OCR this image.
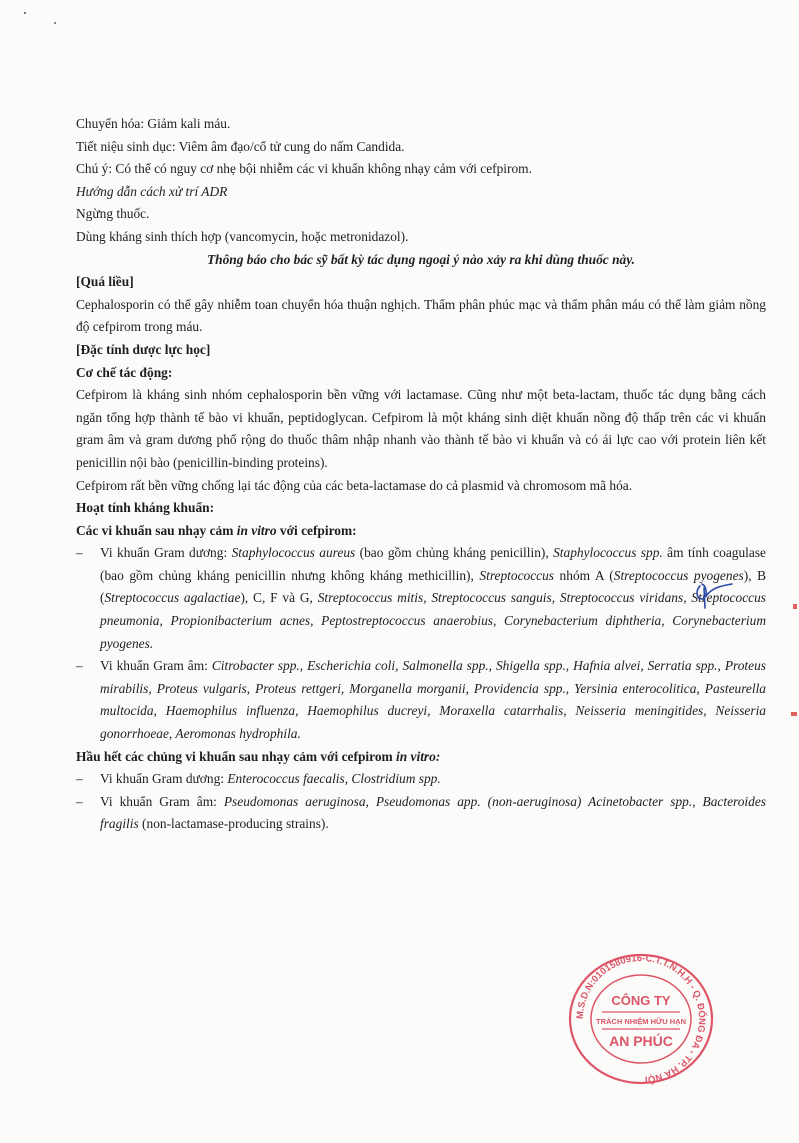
Chuyển hóa: Giảm kali máu.

Tiết niệu sinh dục: Viêm âm đạo/cổ tử cung do nấm Candida.

Chú ý: Có thể có nguy cơ nhẹ bội nhiễm các vi khuẩn không nhạy cảm với cefpirom.

Hướng dẫn cách xử trí ADR

Ngừng thuốc.

Dùng kháng sinh thích hợp (vancomycin, hoặc metronidazol).

Thông báo cho bác sỹ bất kỳ tác dụng ngoại ý nào xảy ra khi dùng thuốc này.

[Quá liều]

Cephalosporin có thể gây nhiễm toan chuyển hóa thuận nghịch. Thẩm phân phúc mạc và thẩm phân máu có thể làm giảm nồng độ cefpirom trong máu.

[Đặc tính dược lực học]

Cơ chế tác động:

Cefpirom là kháng sinh nhóm cephalosporin bền vững với lactamase. Cũng như một beta-lactam, thuốc tác dụng bằng cách ngăn tổng hợp thành tế bào vi khuẩn, peptidoglycan. Cefpirom là một kháng sinh diệt khuẩn nồng độ thấp trên các vi khuẩn gram âm và gram dương phổ rộng do thuốc thâm nhập nhanh vào thành tế bào vi khuẩn và có ái lực cao với protein liên kết penicillin nội bào (penicillin-binding proteins).

Cefpirom rất bền vững chống lại tác động của các beta-lactamase do cả plasmid và chromosom mã hóa.

Hoạt tính kháng khuẩn:

Các vi khuẩn sau nhạy cảm in vitro với cefpirom:

– Vi khuẩn Gram dương: Staphylococcus aureus (bao gồm chủng kháng penicillin), Staphylococcus spp. âm tính coagulase (bao gồm chủng kháng penicillin nhưng không kháng methicillin), Streptococcus nhóm A (Streptococcus pyogenes), B (Streptococcus agalactiae), C, F và G, Streptococcus mitis, Streptococcus sanguis, Streptococcus viridans, Streptococcus pneumonia, Propionibacterium acnes, Peptostreptococcus anaerobius, Corynebacterium diphtheria, Corynebacterium pyogenes.
– Vi khuẩn Gram âm: Citrobacter spp., Escherichia coli, Salmonella spp., Shigella spp., Hafnia alvei, Serratia spp., Proteus mirabilis, Proteus vulgaris, Proteus rettgeri, Morganella morganii, Providencia spp., Yersinia enterocolitica, Pasteurella multocida, Haemophilus influenza, Haemophilus ducreyi, Moraxella catarrhalis, Neisseria meningitides, Neisseria gonorrhoeae, Aeromonas hydrophila.

Hầu hết các chủng vi khuẩn sau nhạy cảm với cefpirom in vitro:

– Vi khuẩn Gram dương: Enterococcus faecalis, Clostridium spp.
– Vi khuẩn Gram âm: Pseudomonas aeruginosa, Pseudomonas app. (non-aeruginosa) Acinetobacter spp., Bacteroides fragilis (non-lactamase-producing strains).
M.S.D.N:0101580916-C.T.T.N.H.H - Q. ĐỐNG ĐA - TP. HÀ NỘI
CÔNG TY
TRÁCH NHIỆM HỮU HẠN
AN PHÚC
